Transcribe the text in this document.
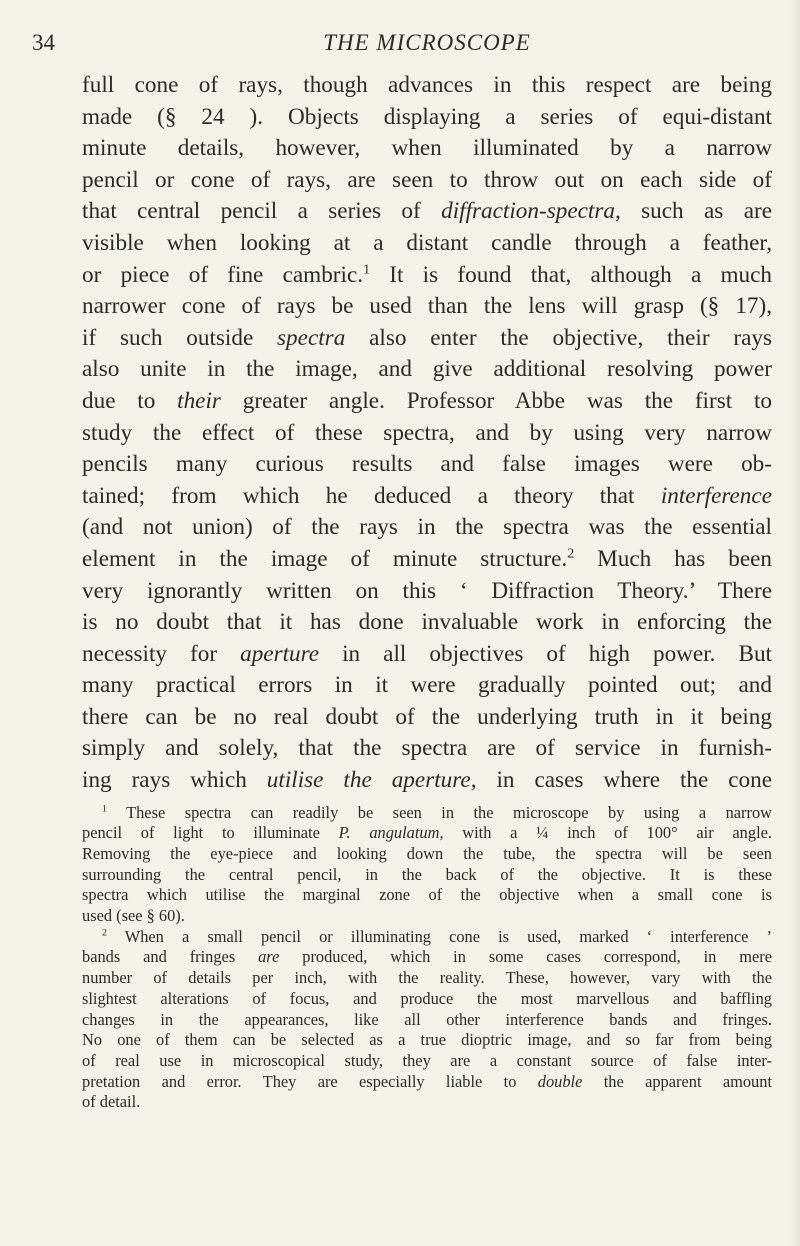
34	THE MICROSCOPE
full cone of rays, though advances in this respect are being
made (§ 24 ). Objects displaying a series of equi-distant
minute details, however, when illuminated by a narrow
pencil or cone of rays, are seen to throw out on each side of
that central pencil a series of diffraction-spectra, such as are
visible when looking at a distant candle through a feather,
or piece of fine cambric.$^1$ It is found that, although a much
narrower cone of rays be used than the lens will grasp (§ 17),
if such outside spectra also enter the objective, their rays
also unite in the image, and give additional resolving power
due to their greater angle. Professor Abbe was the first to
study the effect of these spectra, and by using very narrow
pencils many curious results and false images were ob-
tained; from which he deduced a theory that interference
(and not union) of the rays in the spectra was the essential
element in the image of minute structure.$^2$ Much has been
very ignorantly written on this ‘ Diffraction Theory.’ There
is no doubt that it has done invaluable work in enforcing the
necessity for aperture in all objectives of high power. But
many practical errors in it were gradually pointed out; and
there can be no real doubt of the underlying truth in it being
simply and solely, that the spectra are of service in furnish-
ing rays which utilise the aperture, in cases where the cone
$^1$ These spectra can readily be seen in the microscope by using a narrow
pencil of light to illuminate P. angulatum, with a ¼ inch of 100° air angle.
Removing the eye-piece and looking down the tube, the spectra will be seen
surrounding the central pencil, in the back of the objective. It is these
spectra which utilise the marginal zone of the objective when a small cone is
used (see § 60).
$^2$ When a small pencil or illuminating cone is used, marked ‘ interference ’
bands and fringes are produced, which in some cases correspond, in mere
number of details per inch, with the reality. These, however, vary with the
slightest alterations of focus, and produce the most marvellous and baffling
changes in the appearances, like all other interference bands and fringes.
No one of them can be selected as a true dioptric image, and so far from being
of real use in microscopical study, they are a constant source of false inter-
pretation and error. They are especially liable to double the apparent amount
of detail.
